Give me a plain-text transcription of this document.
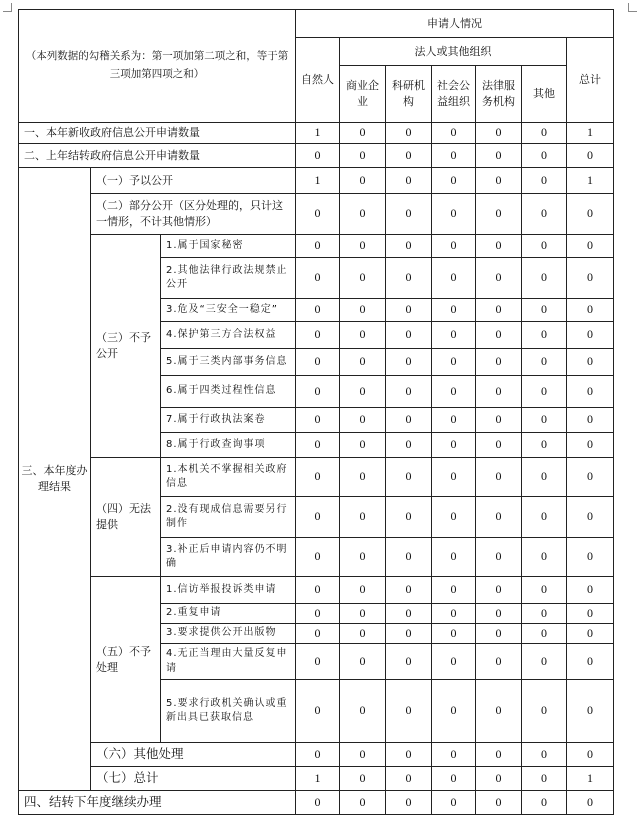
（本列数据的勾稽关系为：第一项加第二项之和，等于第三项加第四项之和）			申请人情况						
			自然人	法人或其他组织					总计
				商业企业	科研机构	社会公益组织	法律服务机构	其他	
一、本年新收政府信息公开申请数量			1	0	0	0	0	0	1
二、上年结转政府信息公开申请数量			0	0	0	0	0	0	0
三、本年度办理结果	（一）予以公开		1	0	0	0	0	0	1
	（二）部分公开（区分处理的，只计这一情形，不计其他情形）		0	0	0	0	0	0	0
	（三）不予公开	1.属于国家秘密	0	0	0	0	0	0	0
		2.其他法律行政法规禁止公开	0	0	0	0	0	0	0
		3.危及“三安全一稳定”	0	0	0	0	0	0	0
		4.保护第三方合法权益	0	0	0	0	0	0	0
		5.属于三类内部事务信息	0	0	0	0	0	0	0
		6.属于四类过程性信息	0	0	0	0	0	0	0
		7.属于行政执法案卷	0	0	0	0	0	0	0
		8.属于行政查询事项	0	0	0	0	0	0	0
	（四）无法提供	1.本机关不掌握相关政府信息	0	0	0	0	0	0	0
		2.没有现成信息需要另行制作	0	0	0	0	0	0	0
		3.补正后申请内容仍不明确	0	0	0	0	0	0	0
	（五）不予处理	1.信访举报投诉类申请	0	0	0	0	0	0	0
		2.重复申请	0	0	0	0	0	0	0
		3.要求提供公开出版物	0	0	0	0	0	0	0
		4.无正当理由大量反复申请	0	0	0	0	0	0	0
		5.要求行政机关确认或重新出具已获取信息	0	0	0	0	0	0	0
	（六）其他处理		0	0	0	0	0	0	0
	（七）总计		1	0	0	0	0	0	1
四、结转下年度继续办理			0	0	0	0	0	0	0
